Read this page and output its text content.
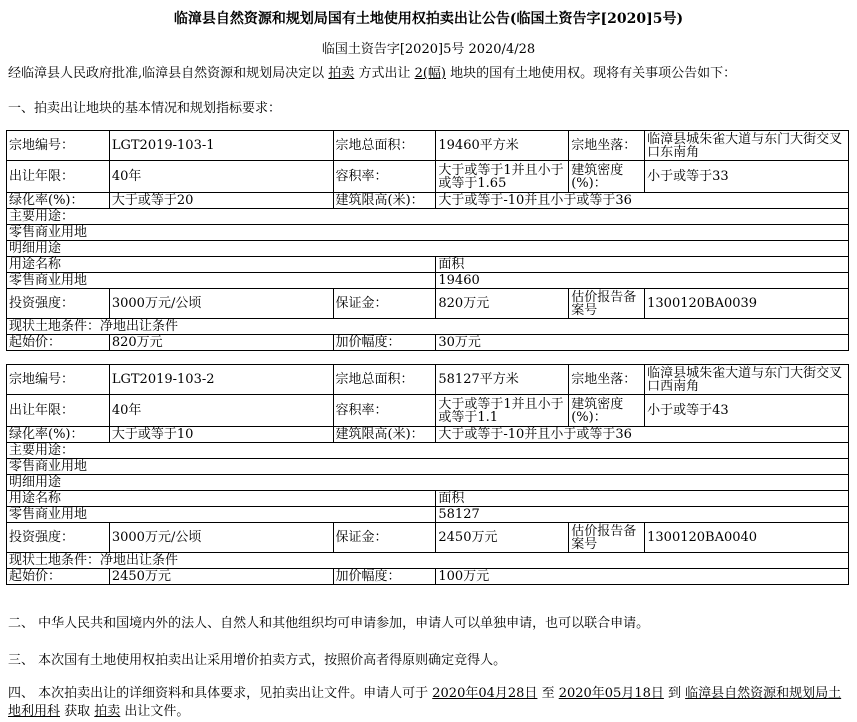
临漳县自然资源和规划局国有土地使用权拍卖出让公告(临国土资告字[2020]5号)
临国土资告字[2020]5号 2020/4/28
经临漳县人民政府批准,临漳县自然资源和规划局决定以 拍卖 方式出让 2(幅) 地块的国有土地使用权。现将有关事项公告如下：
一、拍卖出让地块的基本情况和规划指标要求：
宗地编号：	LGT2019-103-1	宗地总面积：	19460平方米	宗地坐落：	临漳县城朱雀大道与东门大街交叉口东南角
出让年限：	40年	容积率：	大于或等于1并且小于或等于1.65	建筑密度(%)：	小于或等于33
绿化率(%)：	大于或等于20	建筑限高(米)：	大于或等于-10并且小于或等于36		
主要用途：					
零售商业用地					
明细用途					
用途名称			面积		
零售商业用地			19460		
投资强度：	3000万元/公顷	保证金：	820万元	估价报告备案号	1300120BA0039
现状土地条件：净地出让条件					
起始价：	820万元	加价幅度：	30万元		
宗地编号：	LGT2019-103-2	宗地总面积：	58127平方米	宗地坐落：	临漳县城朱雀大道与东门大街交叉口西南角
出让年限：	40年	容积率：	大于或等于1并且小于或等于1.1	建筑密度(%)：	小于或等于43
绿化率(%)：	大于或等于10	建筑限高(米)：	大于或等于-10并且小于或等于36		
主要用途：					
零售商业用地					
明细用途					
用途名称			面积		
零售商业用地			58127		
投资强度：	3000万元/公顷	保证金：	2450万元	估价报告备案号	1300120BA0040
现状土地条件：净地出让条件					
起始价：	2450万元	加价幅度：	100万元		
二、 中华人民共和国境内外的法人、自然人和其他组织均可申请参加，申请人可以单独申请，也可以联合申请。
三、 本次国有土地使用权拍卖出让采用增价拍卖方式，按照价高者得原则确定竞得人。
四、 本次拍卖出让的详细资料和具体要求，见拍卖出让文件。申请人可于 2020年04月28日 至 2020年05月18日 到 临漳县自然资源和规划局土地利用科 获取 拍卖 出让文件。
